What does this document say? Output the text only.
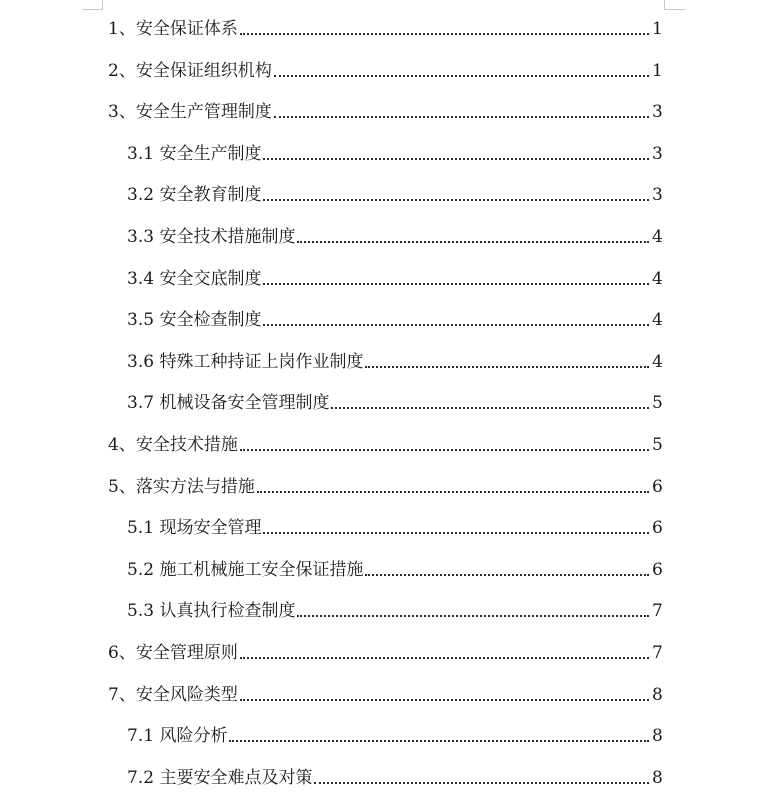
1、安全保证体系	1
2、安全保证组织机构	1
3、安全生产管理制度	3
3.1 安全生产制度	3
3.2 安全教育制度	3
3.3 安全技术措施制度	4
3.4 安全交底制度	4
3.5 安全检查制度	4
3.6 特殊工种持证上岗作业制度	4
3.7 机械设备安全管理制度	5
4、安全技术措施	5
5、落实方法与措施	6
5.1 现场安全管理	6
5.2 施工机械施工安全保证措施	6
5.3 认真执行检查制度	7
6、安全管理原则	7
7、安全风险类型	8
7.1 风险分析	8
7.2 主要安全难点及对策	8
